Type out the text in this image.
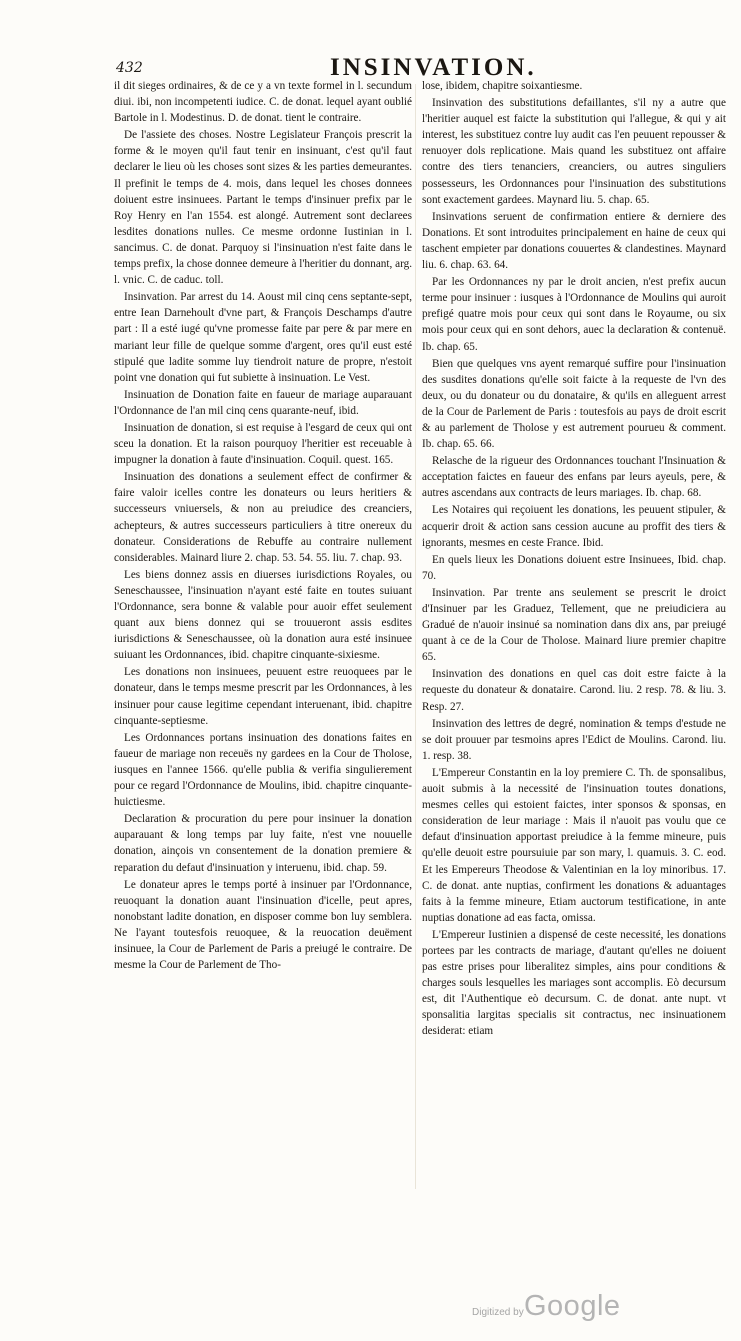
432	INSINVATION.

il dit sieges ordinaires, & de ce y a vn texte formel in l. secundum diui. ibi, non incompetenti iudice. C. de donat. lequel ayant oublié Bartole in l. Modestinus. D. de donat. tient le contraire.

De l'assiete des choses. Nostre Legislateur François prescrit la forme & le moyen qu'il faut tenir en insinuant, c'est qu'il faut declarer le lieu où les choses sont sizes & les parties demeurantes. Il prefinit le temps de 4. mois, dans lequel les choses donnees doiuent estre insinuees. Partant le temps d'insinuer prefix par le Roy Henry en l'an 1554. est alongé. Autrement sont declarees lesdites donations nulles. Ce mesme ordonne Iustinian in l. sancimus. C. de donat. Parquoy si l'insinuation n'est faite dans le temps prefix, la chose donnee demeure à l'heritier du donnant, arg. l. vnic. C. de caduc. toll.

Insinvation. Par arrest du 14. Aoust mil cinq cens septante-sept, entre Iean Darnehoult d'vne part, & François Deschamps d'autre part : Il a esté iugé qu'vne promesse faite par pere & par mere en mariant leur fille de quelque somme d'argent, ores qu'il eust esté stipulé que ladite somme luy tiendroit nature de propre, n'estoit point vne donation qui fut subiette à insinuation. Le Vest.

Insinuation de Donation faite en faueur de mariage auparauant l'Ordonnance de l'an mil cinq cens quarante-neuf, ibid.

Insinuation de donation, si est requise à l'esgard de ceux qui ont sceu la donation. Et la raison pourquoy l'heritier est receuable à impugner la donation à faute d'insinuation. Coquil. quest. 165.

Insinuation des donations a seulement effect de confirmer & faire valoir icelles contre les donateurs ou leurs heritiers & successeurs vniuersels, & non au preiudice des creanciers, achepteurs, & autres successeurs particuliers à titre onereux du donateur. Considerations de Rebuffe au contraire nullement considerables. Mainard liure 2. chap. 53. 54. 55. liu. 7. chap. 93.

Les biens donnez assis en diuerses iurisdictions Royales, ou Seneschaussee, l'insinuation n'ayant esté faite en toutes suiuant l'Ordonnance, sera bonne & valable pour auoir effet seulement quant aux biens donnez qui se trouueront assis esdites iurisdictions & Seneschaussee, où la donation aura esté insinuee suiuant les Ordonnances, ibid. chapitre cinquante-sixiesme.

Les donations non insinuees, peuuent estre reuoquees par le donateur, dans le temps mesme prescrit par les Ordonnances, à les insinuer pour cause legitime cependant interuenant, ibid. chapitre cinquante-septiesme.

Les Ordonnances portans insinuation des donations faites en faueur de mariage non receuës ny gardees en la Cour de Tholose, iusques en l'annee 1566. qu'elle publia & verifia singulierement pour ce regard l'Ordonnance de Moulins, ibid. chapitre cinquante-huictiesme.

Declaration & procuration du pere pour insinuer la donation auparauant & long temps par luy faite, n'est vne nouuelle donation, ainçois vn consentement de la donation premiere & reparation du defaut d'insinuation y interuenu, ibid. chap. 59.

Le donateur apres le temps porté à insinuer par l'Ordonnance, reuoquant la donation auant l'insinuation d'icelle, peut apres, nonobstant ladite donation, en disposer comme bon luy semblera. Ne l'ayant toutesfois reuoquee, & la reuocation deuëment insinuee, la Cour de Parlement de Paris a preiugé le contraire. De mesme la Cour de Parlement de Tho-

lose, ibidem, chapitre soixantiesme.

Insinvation des substitutions defaillantes, s'il ny a autre que l'heritier auquel est faicte la substitution qui l'allegue, & qui y ait interest, les substituez contre luy audit cas l'en peuuent repousser & renuoyer dols replicatione. Mais quand les substituez ont affaire contre des tiers tenanciers, creanciers, ou autres singuliers possesseurs, les Ordonnances pour l'insinuation des substitutions sont exactement gardees. Maynard liu. 5. chap. 65.

Insinvations seruent de confirmation entiere & derniere des Donations. Et sont introduites principalement en haine de ceux qui taschent empieter par donations couuertes & clandestines. Maynard liu. 6. chap. 63. 64.

Par les Ordonnances ny par le droit ancien, n'est prefix aucun terme pour insinuer : iusques à l'Ordonnance de Moulins qui auroit prefigé quatre mois pour ceux qui sont dans le Royaume, ou six mois pour ceux qui en sont dehors, auec la declaration & contenuë. Ib. chap. 65.

Bien que quelques vns ayent remarqué suffire pour l'insinuation des susdites donations qu'elle soit faicte à la requeste de l'vn des deux, ou du donateur ou du donataire, & qu'ils en alleguent arrest de la Cour de Parlement de Paris : toutesfois au pays de droit escrit & au parlement de Tholose y est autrement pourueu & comment. Ib. chap. 65. 66.

Relasche de la rigueur des Ordonnances touchant l'Insinuation & acceptation faictes en faueur des enfans par leurs ayeuls, pere, & autres ascendans aux contracts de leurs mariages. Ib. chap. 68.

Les Notaires qui reçoiuent les donations, les peuuent stipuler, & acquerir droit & action sans cession aucune au proffit des tiers & ignorants, mesmes en ceste France. Ibid.

En quels lieux les Donations doiuent estre Insinuees, Ibid. chap. 70.

Insinvation. Par trente ans seulement se prescrit le droict d'Insinuer par les Graduez, Tellement, que ne preiudiciera au Gradué de n'auoir insinué sa nomination dans dix ans, par preiugé quant à ce de la Cour de Tholose. Mainard liure premier chapitre 65.

Insinvation des donations en quel cas doit estre faicte à la requeste du donateur & donataire. Carond. liu. 2 resp. 78. & liu. 3. Resp. 27.

Insinvation des lettres de degré, nomination & temps d'estude ne se doit prouuer par tesmoins apres l'Edict de Moulins. Carond. liu. 1. resp. 38.

L'Empereur Constantin en la loy premiere C. Th. de sponsalibus, auoit submis à la necessité de l'insinuation toutes donations, mesmes celles qui estoient faictes, inter sponsos & sponsas, en consideration de leur mariage : Mais il n'auoit pas voulu que ce defaut d'insinuation apportast preiudice à la femme mineure, puis qu'elle deuoit estre poursuiuie par son mary, l. quamuis. 3. C. eod. Et les Empereurs Theodose & Valentinian en la loy minoribus. 17. C. de donat. ante nuptias, confirment les donations & aduantages faits à la femme mineure, Etiam auctorum testificatione, in ante nuptias donatione ad eas facta, omissa.

L'Empereur Iustinien a dispensé de ceste necessité, les donations portees par les contracts de mariage, d'autant qu'elles ne doiuent pas estre prises pour liberalitez simples, ains pour conditions & charges souls lesquelles les mariages sont accomplis. Eò decursum est, dit l'Authentique eò decursum. C. de donat. ante nupt. vt sponsalitia largitas specialis sit contractus, nec insinuationem desiderat: etiam

Digitized by Google
